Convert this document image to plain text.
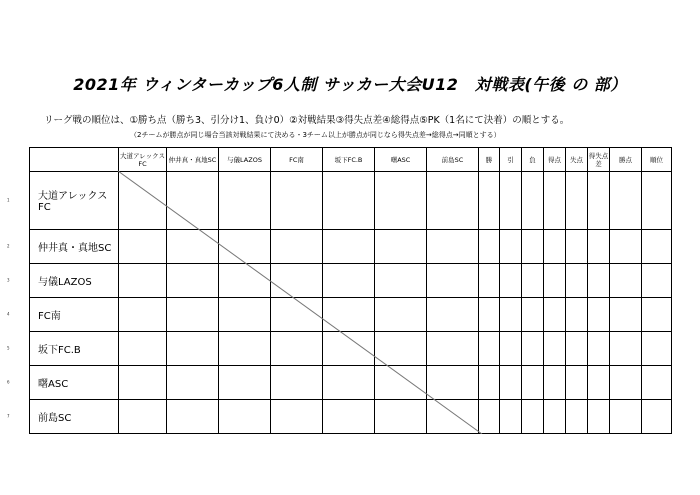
2021年 ウィンターカップ6人制 サッカー大会U12　対戦表(午後 の 部）
リーグ戦の順位は、①勝ち点（勝ち3、引分け1、負け0）②対戦結果③得失点差④総得点⑤PK（1名にて決着）の順とする。
（2チームが勝点が同じ場合当該対戦結果にて決める・3チーム以上が勝点が同じなら得失点差→総得点→同順とする）
	大道アレックスFC	仲井真・真地SC	与儀LAZOS	FC南	坂下FC.B	曙ASC	前島SC	勝	引	負	得点	失点	得失点差	勝点	順位

1 大道アレックスFC															

2 仲井真・真地SC															

3 与儀LAZOS															

4 FC南															

5 坂下FC.B															

6 曙ASC															

7 前島SC															
